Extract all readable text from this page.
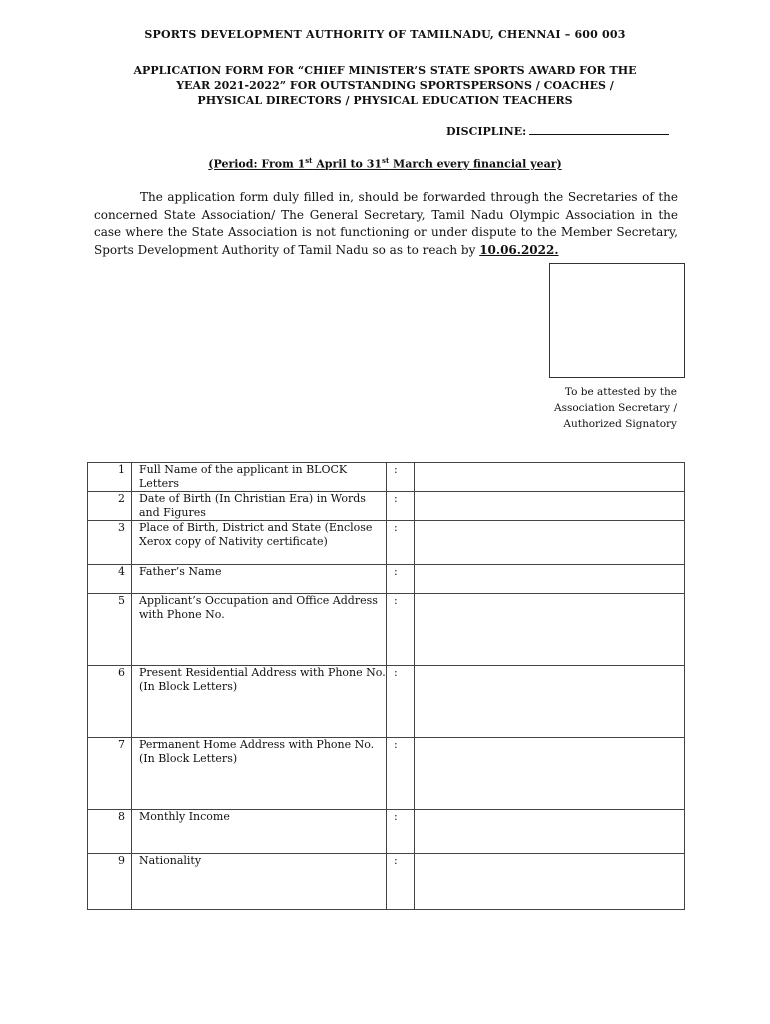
SPORTS DEVELOPMENT AUTHORITY OF TAMILNADU, CHENNAI – 600 003
APPLICATION FORM FOR “CHIEF MINISTER’S STATE SPORTS AWARD FOR THE
YEAR 2021-2022” FOR OUTSTANDING SPORTSPERSONS / COACHES /
PHYSICAL DIRECTORS / PHYSICAL EDUCATION TEACHERS
DISCIPLINE:
(Period: From 1st April to 31st March every financial year)
The application form duly filled in, should be forwarded through the Secretaries of the concerned State Association/ The General Secretary, Tamil Nadu Olympic Association in the case where the State Association is not functioning or under dispute to the Member Secretary, Sports Development Authority of Tamil Nadu so as to reach by 10.06.2022.
To be attested by the
Association Secretary /
Authorized Signatory
1	Full Name of the applicant in BLOCK Letters	:	
2	Date of Birth (In Christian Era) in Words and Figures	:	
3	Place of Birth, District and State (Enclose Xerox copy of Nativity certificate)	:	
4	Father’s Name	:	
5	Applicant’s Occupation and Office Address with Phone No.	:	
6	Present Residential Address with Phone No. (In Block Letters)	:	
7	Permanent Home Address with Phone No.(In Block Letters)	:	
8	Monthly Income	:	
9	Nationality	:	
